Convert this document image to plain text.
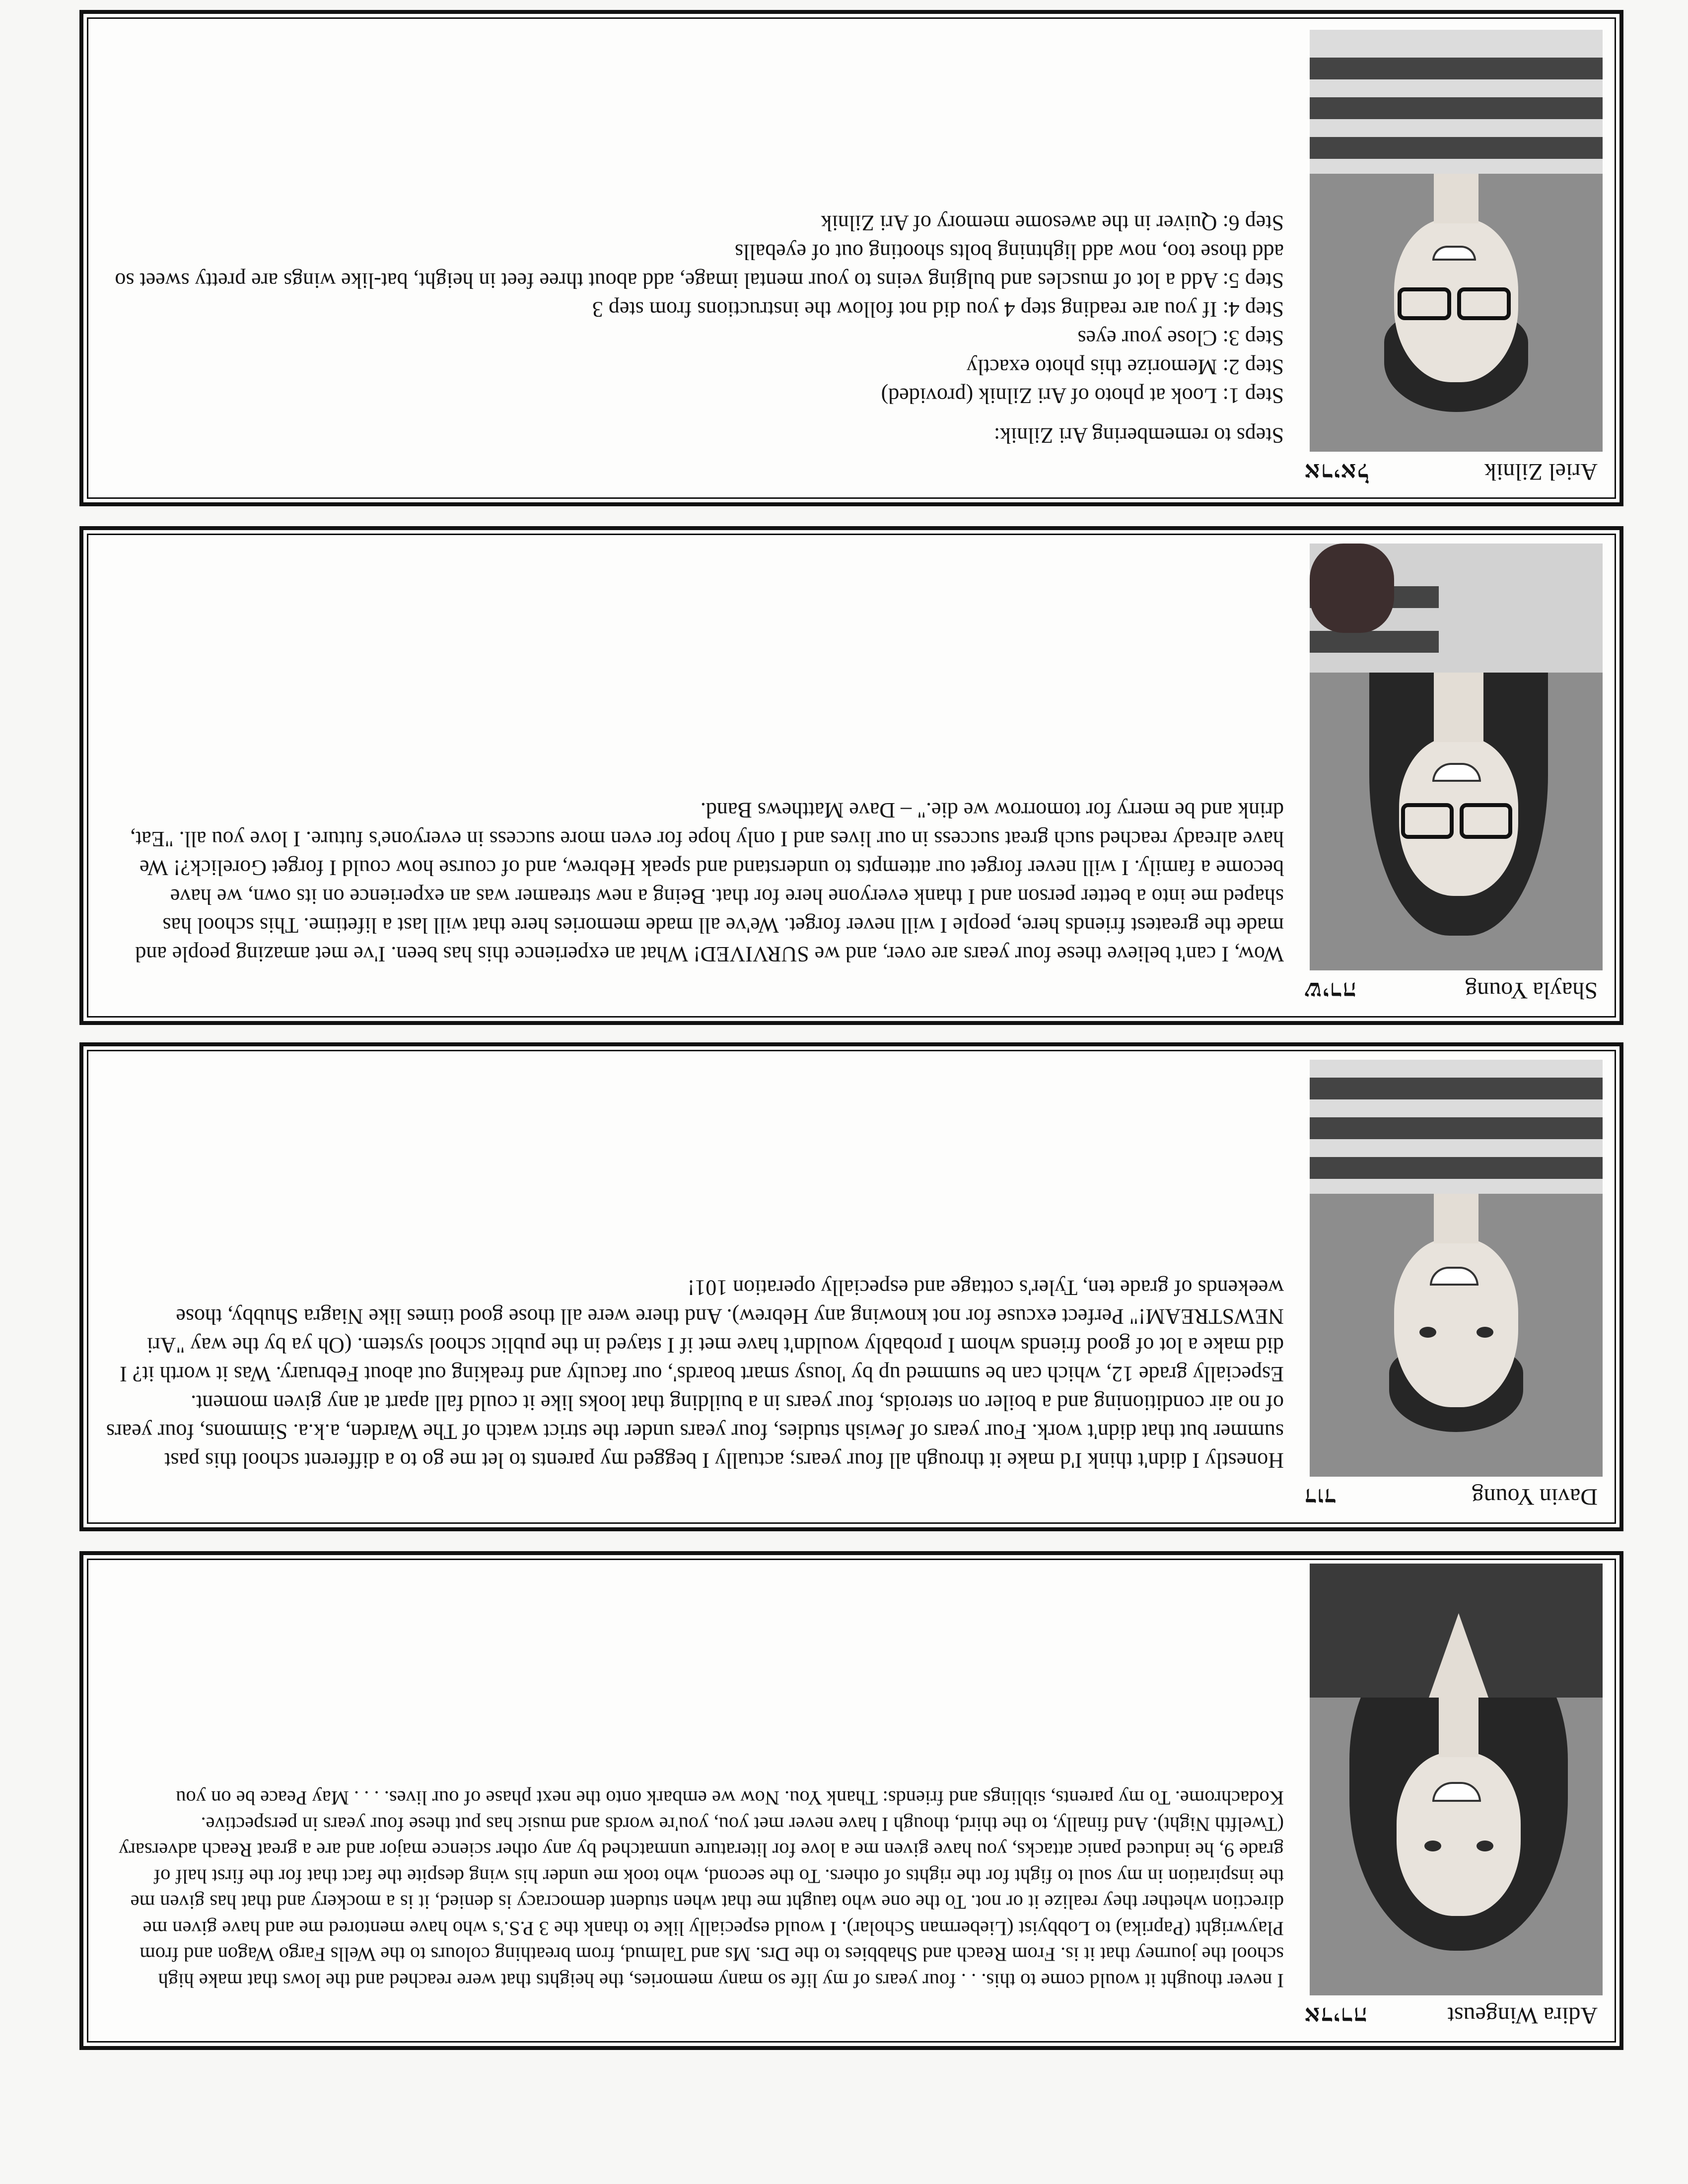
Adira Wingeust
אדירה
I never thought it would come to this. . . four years of my life so many memories, the heights that were reached and the lows that make high school the journey that it is. From Reach and Shabbies to the Drs. Ms and Talmud, from breathing colours to the Wells Fargo Wagon and from Playwright (Paprika) to Lobbyist (Lieberman Scholar). I would especially like to thank the 3 P.S.'s who have mentored me and have given me direction whether they realize it or not. To the one who taught me that when student democracy is denied, it is a mockery and that has given me the inspiration in my soul to fight for the rights of others. To the second, who took me under his wing despite the fact that for the first half of grade 9, he induced panic attacks, you have given me a love for literature unmatched by any other science major and are a great Reach adversary (Twelfth Night). And finally, to the third, though I have never met you, you're words and music has put these four years in perspective. Kodachrome. To my parents, siblings and friends: Thank You. Now we embark onto the next phase of our lives. . . . May Peace be on you
Davin Young
דוד
Honestly I didn't think I'd make it through all four years; actually I begged my parents to let me go to a different school this past summer but that didn't work. Four years of Jewish studies, four years under the strict watch of The Warden, a.k.a. Simmons, four years of no air conditioning and a boiler on steroids, four years in a building that looks like it could fall apart at any given moment. Especially grade 12, which can be summed up by 'lousy smart boards', our faculty and freaking out about February. Was it worth it? I did make a lot of good friends whom I probably wouldn't have met if I stayed in the public school system. (Oh ya by the way "Ari NEWSTREAM!" Perfect excuse for not knowing any Hebrew). And there were all those good times like Niagra Shubby, those weekends of grade ten, Tyler's cottage and especially operation 101!
Shayla Young
שירה
Wow, I can't believe these four years are over, and we SURVIVED! What an experience this has been. I've met amazing people and made the greatest friends here, people I will never forget. We've all made memories here that will last a lifetime. This school has shaped me into a better person and I thank everyone here for that. Being a new streamer was an experience on its own, we have become a family. I will never forget our attempts to understand and speak Hebrew, and of course how could I forget Gorelick?! We have already reached such great success in our lives and I only hope for even more success in everyone's future. I love you all. "Eat, drink and be merry for tomorrow we die." – Dave Matthews Band.
Ariel Zilnik
אריאל

Steps to remembering Ari Zilnik:

Step 1: Look at photo of Ari Zilnik (provided)
Step 2: Memorize this photo exactly
Step 3: Close your eyes
Step 4: If you are reading step 4 you did not follow the instructions from step 3
Step 5: Add a lot of muscles and bulging veins to your mental image, add about three feet in height, bat-like wings are pretty sweet so add those too, now add lightning bolts shooting out of eyeballs
Step 6: Quiver in the awesome memory of Ari Zilnik
